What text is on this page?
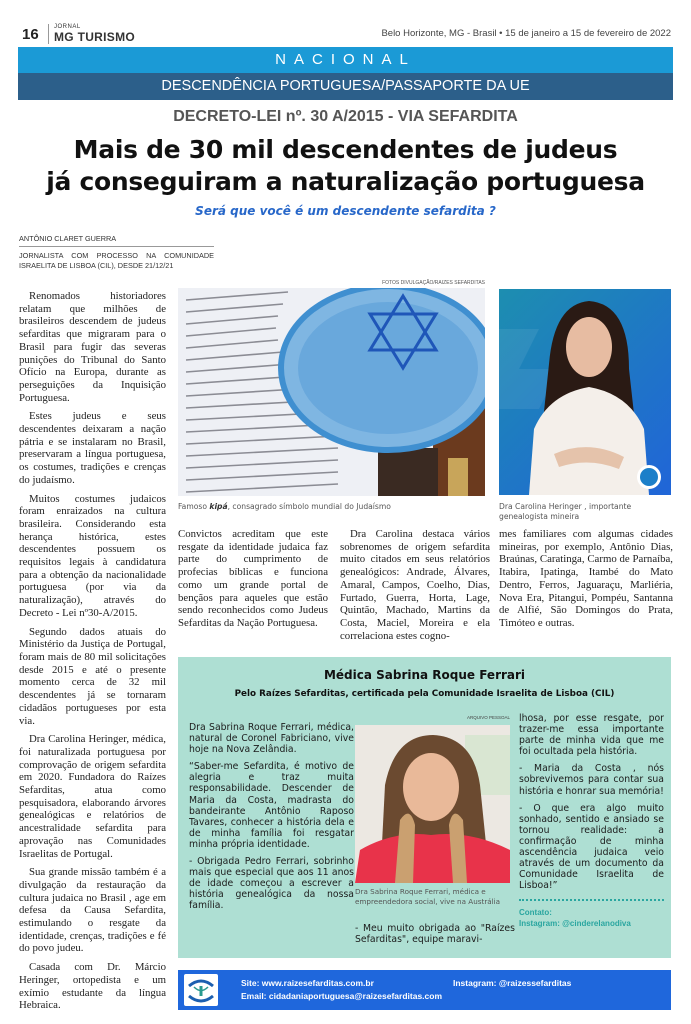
16	JORNAL
MG TURISMO	Belo Horizonte, MG - Brasil • 15 de janeiro a 15 de fevereiro de 2022
NACIONAL
DESCENDÊNCIA PORTUGUESA/PASSAPORTE DA UE
DECRETO-LEI nº. 30 A/2015 - VIA SEFARDITA
Mais de 30 mil descendentes de judeus
já conseguiram a naturalização portuguesa
Será que você é um descendente sefardita ?
ANTÔNIO CLARET GUERRA
JORNALISTA COM PROCESSO NA COMUNIDADE ISRAELITA DE LISBOA (CIL), DESDE 21/12/21

Renomados historiadores relatam que milhões de brasileiros descendem de judeus sefarditas que migraram para o Brasil para fugir das severas punições do Tribunal do Santo Ofício na Europa, durante as perseguições da Inquisição Portuguesa.

Estes judeus e seus descendentes deixaram a nação pátria e se instalaram no Brasil, preservaram a língua portuguesa, os costumes, tradições e crenças do judaísmo.

Muitos costumes judaicos foram enraizados na cultura brasileira. Considerando esta herança histórica, estes descendentes possuem os requisitos legais à candidatura para a obtenção da nacionalidade portuguesa (por via da naturalização), através do Decreto - Lei nº30-A/2015.

Segundo dados atuais do Ministério da Justiça de Portugal, foram mais de 80 mil solicitações desde 2015 e até o presente momento cerca de 32 mil descendentes já se tornaram cidadãos portugueses por esta via.

Dra Carolina Heringer, médica, foi naturalizada portuguesa por comprovação de origem sefardita em 2020. Fundadora do Raízes Sefarditas, atua como pesquisadora, elaborando árvores genealógicas e relatórios de ancestralidade sefardita para aprovação nas Comunidades Israelitas de Portugal.

Sua grande missão também é a divulgação da restauração da cultura judaica no Brasil , age em defesa da Causa Sefardita, estimulando o resgate da identidade, crenças, tradições e fé do povo judeu.

Casada com Dr. Márcio Heringer, ortopedista e um exímio estudante da língua Hebraica.

FOTOS DIVULGAÇÃO/RAIZES SEFARDITAS
Famoso kipá, consagrado símbolo mundial do Judaísmo	Dra Carolina Heringer , importante genealogista mineira

Convictos acreditam que este resgate da identidade judaica faz parte do cumprimento de profecias bíblicas e funciona como um grande portal de bençãos para aqueles que estão sendo reconhecidos como Judeus Sefarditas da Nação Portuguesa.

Dra Carolina destaca vários sobrenomes de origem sefardita muito citados em seus relatórios genealógicos: Andrade, Álvares, Amaral, Campos, Coelho, Dias, Furtado, Guerra, Horta, Lage, Quintão, Machado, Martins da Costa, Maciel, Moreira e ela correlaciona estes cogno-

mes familiares com algumas cidades mineiras, por exemplo, Antônio Dias, Braúnas, Caratinga, Carmo de Parnaíba, Itabira, Ipatinga, Itambé do Mato Dentro, Ferros, Jaguaraçu, Marliéria, Nova Era, Pitangui, Pompéu, Santanna de Alfié, São Domingos do Prata, Timóteo e outras.

Médica Sabrina Roque Ferrari
Pelo Raízes Sefarditas, certificada pela Comunidade Israelita de Lisboa (CIL)

Dra Sabrina Roque Ferrari, médica, natural de Coronel Fabriciano, vive hoje na Nova Zelândia.

“Saber-me Sefardita, é motivo de alegria e traz muita responsabilidade. Descender de Maria da Costa, madrasta do bandeirante Antônio Raposo Tavares, conhecer a história dela e de minha família foi resgatar minha própria identidade.

- Obrigada Pedro Ferrari, sobrinho mais que especial que aos 11 anos de idade começou a escrever a história genealógica da nossa família.

ARQUIVO PESSOAL
Dra Sabrina Roque Ferrari, médica e empreendedora social, vive na Austrália
- Meu muito obrigada ao "Raízes Sefarditas", equipe maravi-

lhosa, por esse resgate, por trazer-me essa importante parte de minha vida que me foi ocultada pela história.

- Maria da Costa , nós sobrevivemos para contar sua história e honrar sua memória!

- O que era algo muito sonhado, sentido e ansiado se tornou realidade: a confirmação de minha ascendência judaica veio através de um documento da Comunidade Israelita de Lisboa!”

Contato:
Instagram: @cinderelanodiva
Site: www.raizesefarditas.com.br
Email: cidadaniaportuguesa@raizesefarditas.com
Instagram: @raizessefarditas
